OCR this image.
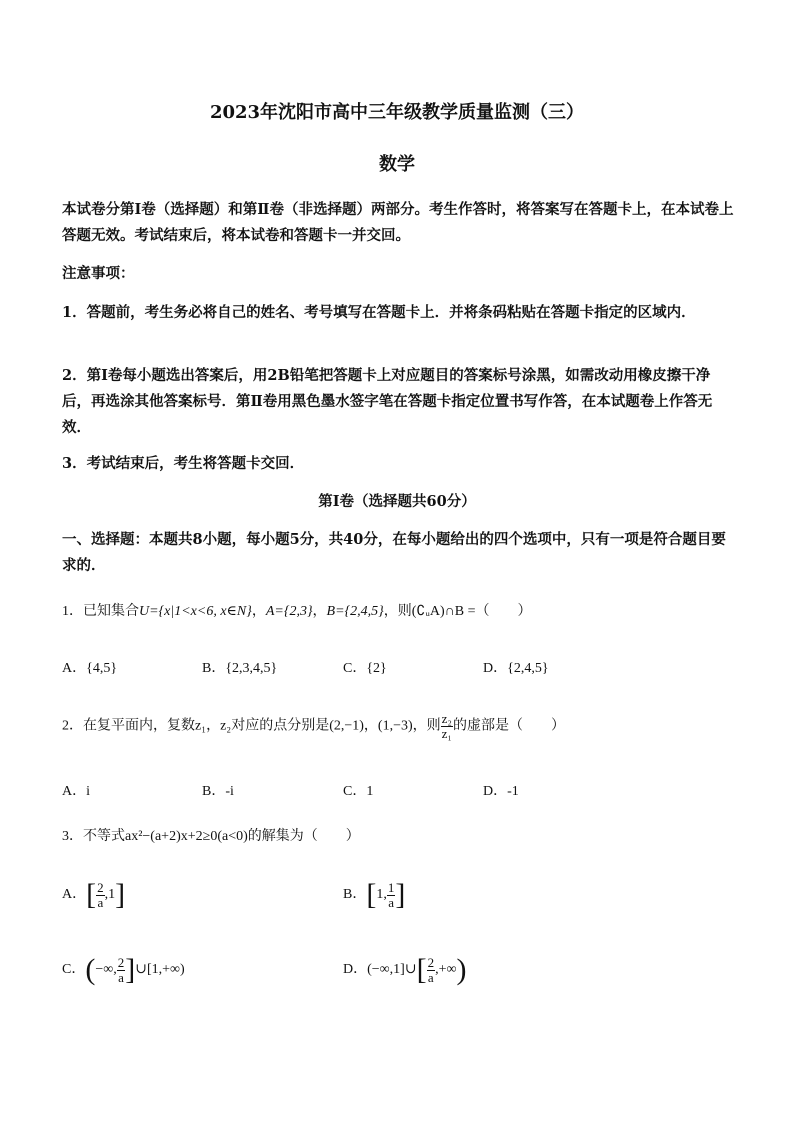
2023年沈阳市高中三年级教学质量监测（三）
数学
本试卷分第Ⅰ卷（选择题）和第Ⅱ卷（非选择题）两部分。考生作答时，将答案写在答题卡上，在本试卷上答题无效。考试结束后，将本试卷和答题卡一并交回。
注意事项：
1．答题前，考生务必将自己的姓名、考号填写在答题卡上．并将条码粘贴在答题卡指定的区域内．
2．第Ⅰ卷每小题选出答案后，用2B铅笔把答题卡上对应题目的答案标号涂黑，如需改动用橡皮擦干净后，再选涂其他答案标号．第Ⅱ卷用黑色墨水签字笔在答题卡指定位置书写作答，在本试题卷上作答无效．
3．考试结束后，考生将答题卡交回．
第Ⅰ卷（选择题共60分）
一、选择题：本题共8小题，每小题5分，共40分，在每小题给出的四个选项中，只有一项是符合题目要求的．
1．已知集合U={x|1<x<6, x∈N}，A={2,3}，B={2,4,5}，则(∁ᵤA)∩B =（　　）
A．{4,5}	B．{2,3,4,5}	C．{2}	D．{2,4,5}
2．在复平面内，复数z₁，z₂对应的点分别是(2,−1)，(1,−3)，则 $\frac{\text{z₂}}{\text{z₁}}$ 的虚部是（　　）
A．i	B．-i	C．1	D．-1
3．不等式ax²−(a+2)x+2≥0(a<0)的解集为（　　）
A．[ $\frac{2}{a} ,1$]	B．[1, $\frac{1}{a}$ ]
C．(−∞, $\frac{2}{a}$ ]∪[1,+∞)	D．(−∞,1]∪[ $\frac{2}{a}$ ,+∞)
